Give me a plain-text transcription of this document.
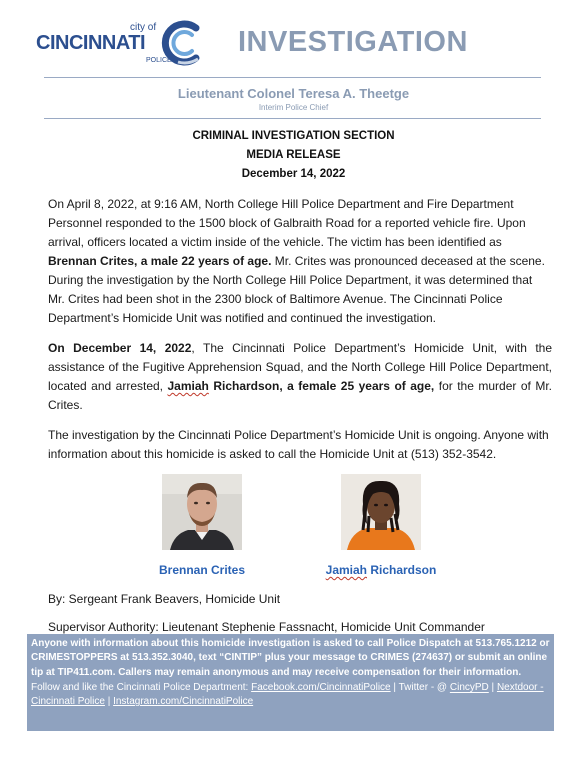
city of
CINCINNATI
POLICE
INVESTIGATION
Lieutenant Colonel Teresa A. Theetge
Interim Police Chief
CRIMINAL INVESTIGATION SECTION
MEDIA RELEASE
December 14, 2022
On April 8, 2022, at 9:16 AM, North College Hill Police Department and Fire Department Personnel responded to the 1500 block of Galbraith Road for a reported vehicle fire. Upon arrival, officers located a victim inside of the vehicle. The victim has been identified as Brennan Crites, a male 22 years of age. Mr. Crites was pronounced deceased at the scene. During the investigation by the North College Hill Police Department, it was determined that Mr. Crites had been shot in the 2300 block of Baltimore Avenue. The Cincinnati Police Department’s Homicide Unit was notified and continued the investigation.
On December 14, 2022, The Cincinnati Police Department’s Homicide Unit, with the assistance of the Fugitive Apprehension Squad, and the North College Hill Police Department, located and arrested, Jamiah Richardson, a female 25 years of age, for the murder of Mr. Crites.
The investigation by the Cincinnati Police Department’s Homicide Unit is ongoing. Anyone with information about this homicide is asked to call the Homicide Unit at (513) 352-3542.
Brennan Crites	Jamiah Richardson
By: Sergeant Frank Beavers, Homicide Unit
Supervisor Authority: Lieutenant Stephenie Fassnacht, Homicide Unit Commander
Anyone with information about this homicide investigation is asked to call Police Dispatch at 513.765.1212 or CRIMESTOPPERS at 513.352.3040, text “CINTIP” plus your message to CRIMES (274637) or submit an online tip at TIP411.com. Callers may remain anonymous and may receive compensation for their information.
Follow and like the Cincinnati Police Department: Facebook.com/CincinnatiPolice | Twitter - @ CincyPD | Nextdoor - Cincinnati Police | Instagram.com/CincinnatiPolice
